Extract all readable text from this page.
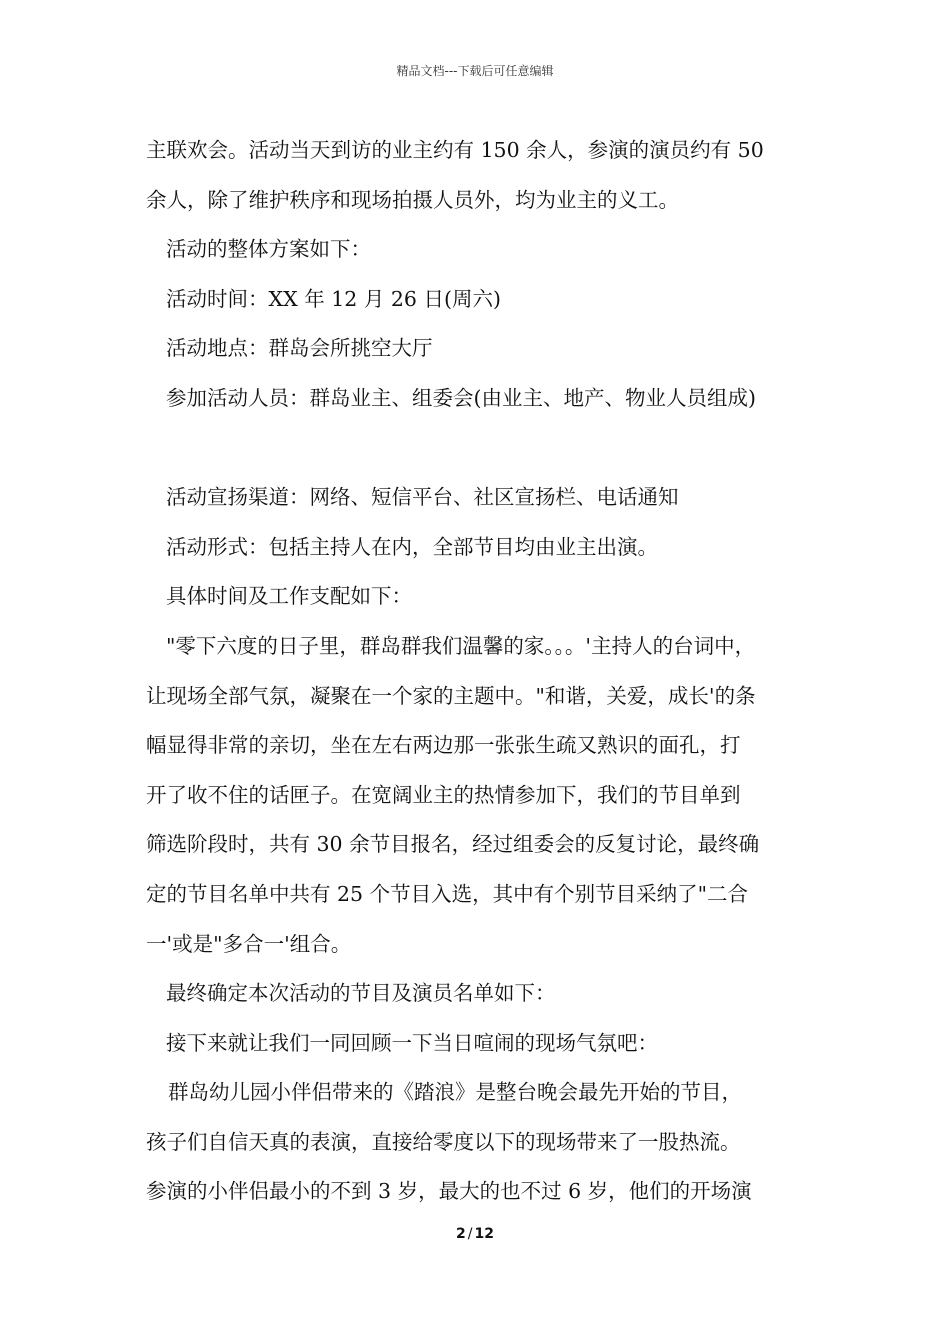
精品文档---下载后可任意编辑
主联欢会。活动当天到访的业主约有 150 余人，参演的演员约有 50
余人，除了维护秩序和现场拍摄人员外，均为业主的义工。
活动的整体方案如下：
活动时间：XX 年 12 月 26 日(周六)
活动地点：群岛会所挑空大厅
参加活动人员：群岛业主、组委会(由业主、地产、物业人员组成)
活动宣扬渠道：网络、短信平台、社区宣扬栏、电话通知
活动形式：包括主持人在内，全部节目均由业主出演。
具体时间及工作支配如下：
"零下六度的日子里，群岛群我们温馨的家。。。'主持人的台词中，
让现场全部气氛，凝聚在一个家的主题中。"和谐，关爱，成长'的条
幅显得非常的亲切，坐在左右两边那一张张生疏又熟识的面孔，打
开了收不住的话匣子。在宽阔业主的热情参加下，我们的节目单到
筛选阶段时，共有 30 余节目报名，经过组委会的反复讨论，最终确
定的节目名单中共有 25 个节目入选，其中有个别节目采纳了"二合
一'或是"多合一'组合。
最终确定本次活动的节目及演员名单如下：
接下来就让我们一同回顾一下当日喧闹的现场气氛吧：
群岛幼儿园小伴侣带来的《踏浪》是整台晚会最先开始的节目，
孩子们自信天真的表演，直接给零度以下的现场带来了一股热流。
参演的小伴侣最小的不到 3 岁，最大的也不过 6 岁，他们的开场演
2 / 12
